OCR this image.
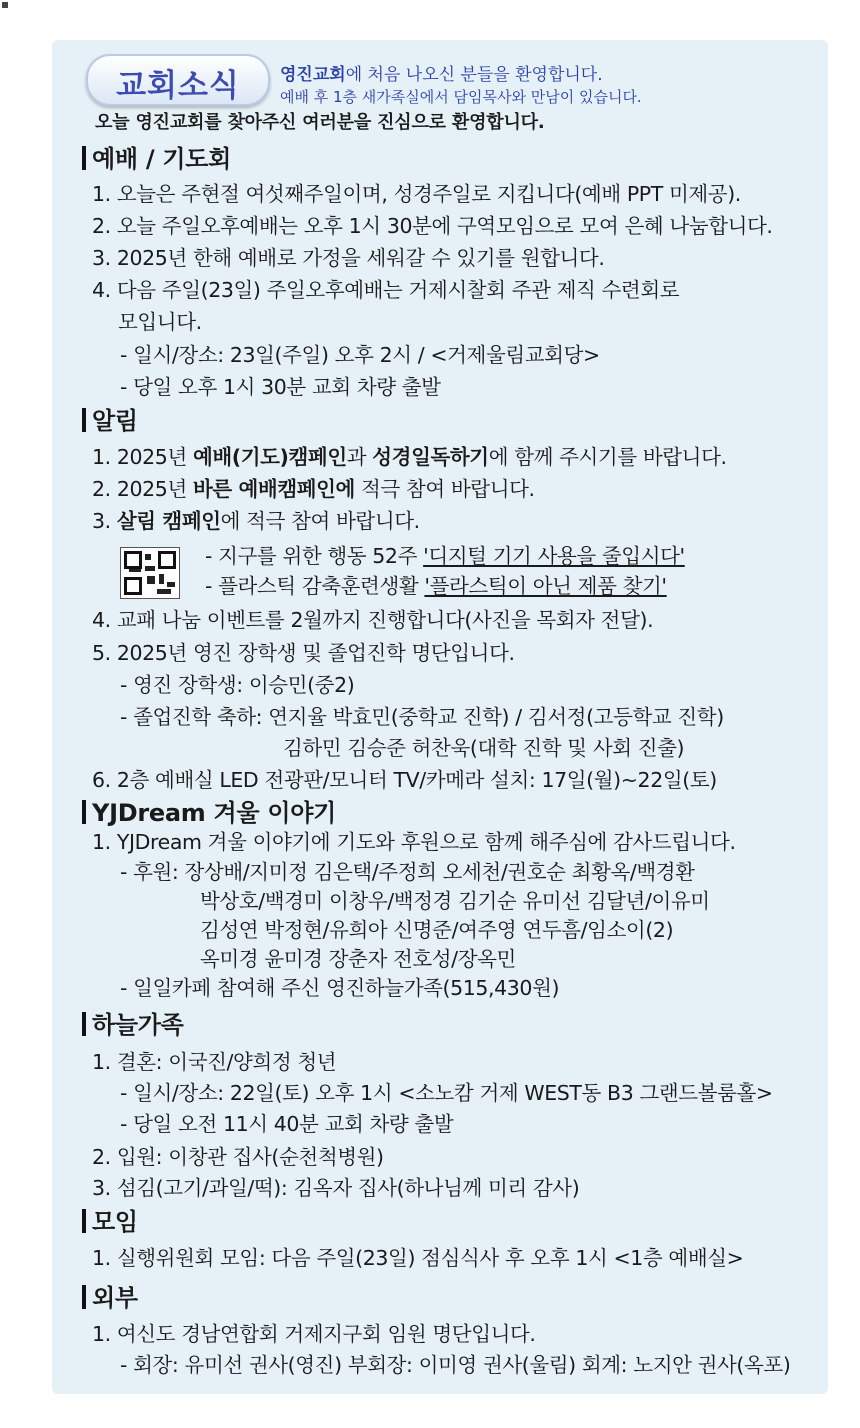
교회소식	영진교회에 처음 나오신 분들을 환영합니다.
예배 후 1층 새가족실에서 담임목사와 만남이 있습니다.
오늘 영진교회를 찾아주신 여러분을 진심으로 환영합니다.
예배 / 기도회
1. 오늘은 주현절 여섯째주일이며, 성경주일로 지킵니다(예배 PPT 미제공).
2. 오늘 주일오후예배는 오후 1시 30분에 구역모임으로 모여 은혜 나눔합니다.
3. 2025년 한해 예배로 가정을 세워갈 수 있기를 원합니다.
4. 다음 주일(23일) 주일오후예배는 거제시찰회 주관 제직 수련회로
모입니다.
- 일시/장소: 23일(주일) 오후 2시 / <거제울림교회당>
- 당일 오후 1시 30분 교회 차량 출발
알림
1. 2025년 예배(기도)캠페인과 성경일독하기에 함께 주시기를 바랍니다.
2. 2025년 바른 예배캠페인에 적극 참여 바랍니다.
3. 살림 캠페인에 적극 참여 바랍니다.
- 지구를 위한 행동 52주 '디지털 기기 사용을 줄입시다'
- 플라스틱 감축훈련생활 '플라스틱이 아닌 제품 찾기'
4. 교패 나눔 이벤트를 2월까지 진행합니다(사진을 목회자 전달).
5. 2025년 영진 장학생 및 졸업진학 명단입니다.
- 영진 장학생: 이승민(중2)
- 졸업진학 축하: 연지율 박효민(중학교 진학) / 김서정(고등학교 진학)
김하민 김승준 허찬욱(대학 진학 및 사회 진출)
6. 2층 예배실 LED 전광판/모니터 TV/카메라 설치: 17일(월)~22일(토)
YJDream 겨울 이야기
1. YJDream 겨울 이야기에 기도와 후원으로 함께 해주심에 감사드립니다.
- 후원: 장상배/지미정 김은택/주정희 오세천/권호순 최황옥/백경환
박상호/백경미 이창우/백정경 김기순 유미선 김달년/이유미
김성연 박정현/유희아 신명준/여주영 연두흠/임소이(2)
옥미경 윤미경 장춘자 전호성/장옥민
- 일일카페 참여해 주신 영진하늘가족(515,430원)
하늘가족
1. 결혼: 이국진/양희정 청년
- 일시/장소: 22일(토) 오후 1시 <소노캄 거제 WEST동 B3 그랜드볼룸홀>
- 당일 오전 11시 40분 교회 차량 출발
2. 입원: 이창관 집사(순천척병원)
3. 섬김(고기/과일/떡): 김옥자 집사(하나님께 미리 감사)
모임
1. 실행위원회 모임: 다음 주일(23일) 점심식사 후 오후 1시 <1층 예배실>
외부
1. 여신도 경남연합회 거제지구회 임원 명단입니다.
- 회장: 유미선 권사(영진) 부회장: 이미영 권사(울림) 회계: 노지안 권사(옥포)
